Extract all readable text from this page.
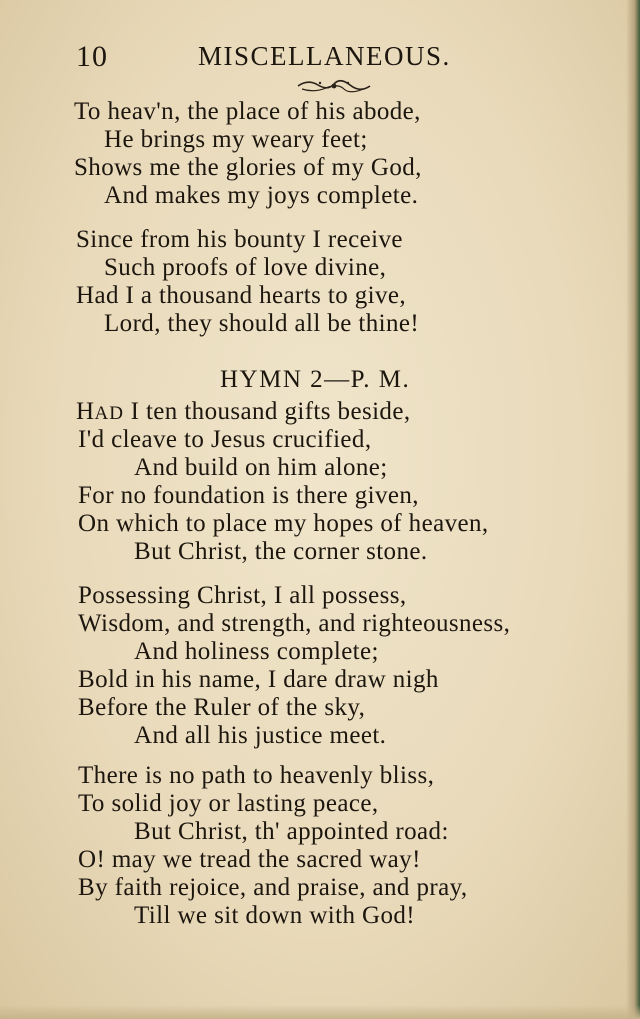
10	MISCELLANEOUS.
To heav'n, the place of his abode,
He brings my weary feet;
Shows me the glories of my God,
And makes my joys complete.
Since from his bounty I receive
Such proofs of love divine,
Had I a thousand hearts to give,
Lord, they should all be thine!
HYMN 2—P. M.
HAD I ten thousand gifts beside,
I'd cleave to Jesus crucified,
And build on him alone;
For no foundation is there given,
On which to place my hopes of heaven,
But Christ, the corner stone.
Possessing Christ, I all possess,
Wisdom, and strength, and righteousness,
And holiness complete;
Bold in his name, I dare draw nigh
Before the Ruler of the sky,
And all his justice meet.
There is no path to heavenly bliss,
To solid joy or lasting peace,
But Christ, th' appointed road:
O! may we tread the sacred way!
By faith rejoice, and praise, and pray,
Till we sit down with God!
